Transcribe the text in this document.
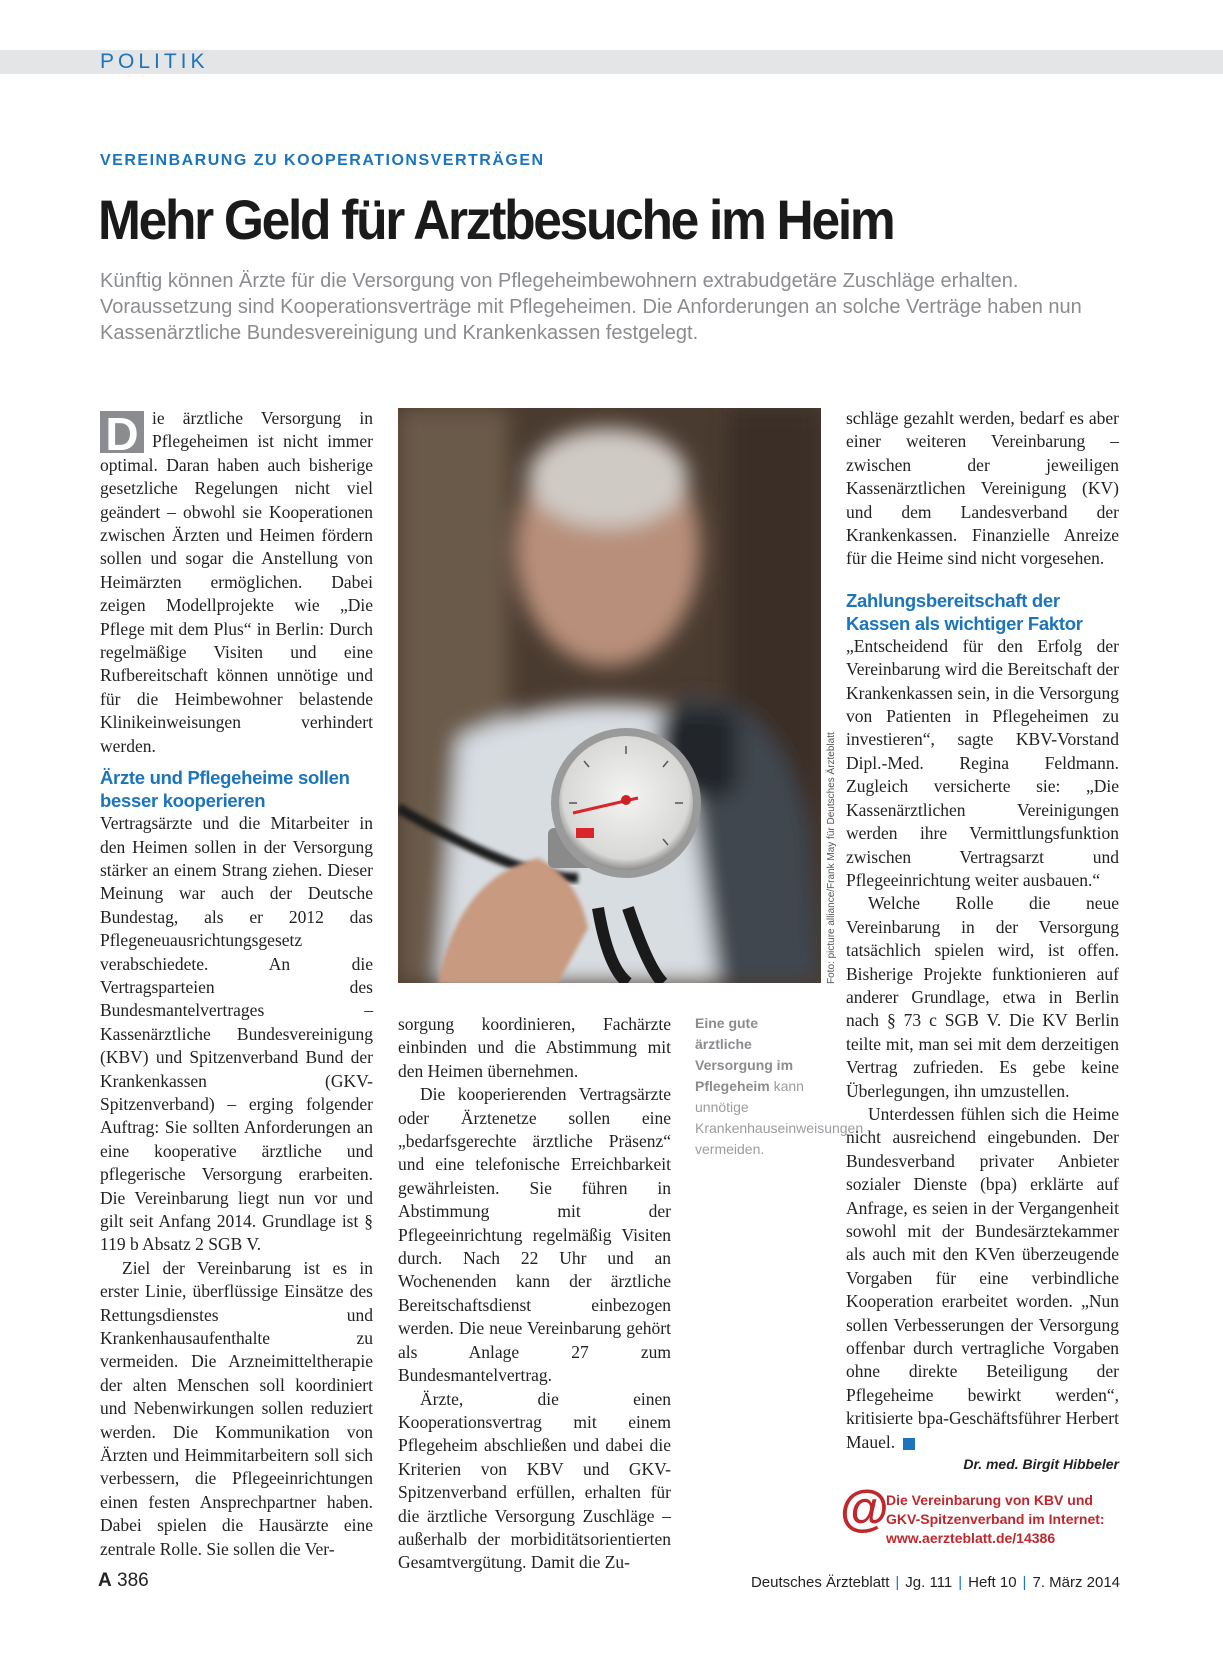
POLITIK
VEREINBARUNG ZU KOOPERATIONSVERTRÄGEN
Mehr Geld für Arztbesuche im Heim
Künftig können Ärzte für die Versorgung von Pflegeheimbewohnern extrabudgetäre Zuschläge erhalten. Voraussetzung sind Kooperationsverträge mit Pflegeheimen. Die Anforderungen an solche Verträge haben nun Kassenärztliche Bundesvereinigung und Krankenkassen festgelegt.

D ie ärztliche Versorgung in Pflegeheimen ist nicht immer optimal. Daran haben auch bisherige gesetzliche Regelungen nicht viel geändert – obwohl sie Kooperationen zwischen Ärzten und Heimen fördern sollen und sogar die Anstellung von Heimärzten ermöglichen. Dabei zeigen Modellprojekte wie „Die Pflege mit dem Plus“ in Berlin: Durch regelmäßige Visiten und eine Rufbereitschaft können unnötige und für die Heimbewohner belastende Klinikeinweisungen verhindert werden.

Ärzte und Pflegeheime sollen besser kooperieren

Vertragsärzte und die Mitarbeiter in den Heimen sollen in der Versorgung stärker an einem Strang ziehen. Dieser Meinung war auch der Deutsche Bundestag, als er 2012 das Pflegeneuausrichtungsgesetz verabschiedete. An die Vertragsparteien des Bundesmantelvertrages – Kassenärztliche Bundesvereinigung (KBV) und Spitzenverband Bund der Krankenkassen (GKV-Spitzenverband) – erging folgender Auftrag: Sie sollten Anforderungen an eine kooperative ärztliche und pflegerische Versorgung erarbeiten. Die Vereinbarung liegt nun vor und gilt seit Anfang 2014. Grundlage ist § 119 b Absatz 2 SGB V.

Ziel der Vereinbarung ist es in erster Linie, überflüssige Einsätze des Rettungsdienstes und Krankenhausaufenthalte zu vermeiden. Die Arzneimitteltherapie der alten Menschen soll koordiniert und Nebenwirkungen sollen reduziert werden. Die Kommunikation von Ärzten und Heimmitarbeitern soll sich verbessern, die Pflegeeinrichtungen einen festen Ansprechpartner haben. Dabei spielen die Hausärzte eine zentrale Rolle. Sie sollen die Ver-

Foto: picture alliance/Frank May für Deutsches Ärzteblatt
Eine gute ärztliche Versorgung im Pflegeheim kann unnötige Krankenhauseinweisungen vermeiden.

sorgung koordinieren, Fachärzte einbinden und die Abstimmung mit den Heimen übernehmen.

Die kooperierenden Vertragsärzte oder Ärztenetze sollen eine „bedarfsgerechte ärztliche Präsenz“ und eine telefonische Erreichbarkeit gewährleisten. Sie führen in Abstimmung mit der Pflegeeinrichtung regelmäßig Visiten durch. Nach 22 Uhr und an Wochenenden kann der ärztliche Bereitschaftsdienst einbezogen werden. Die neue Vereinbarung gehört als Anlage 27 zum Bundesmantelvertrag.

Ärzte, die einen Kooperationsvertrag mit einem Pflegeheim abschließen und dabei die Kriterien von KBV und GKV-Spitzenverband erfüllen, erhalten für die ärztliche Versorgung Zuschläge – außerhalb der morbiditätsorientierten Gesamtvergütung. Damit die Zu-

schläge gezahlt werden, bedarf es aber einer weiteren Vereinbarung – zwischen der jeweiligen Kassenärztlichen Vereinigung (KV) und dem Landesverband der Krankenkassen. Finanzielle Anreize für die Heime sind nicht vorgesehen.

Zahlungsbereitschaft der Kassen als wichtiger Faktor

„Entscheidend für den Erfolg der Vereinbarung wird die Bereitschaft der Krankenkassen sein, in die Versorgung von Patienten in Pflegeheimen zu investieren“, sagte KBV-Vorstand Dipl.-Med. Regina Feldmann. Zugleich versicherte sie: „Die Kassenärztlichen Vereinigungen werden ihre Vermittlungsfunktion zwischen Vertragsarzt und Pflegeeinrichtung weiter ausbauen.“

Welche Rolle die neue Vereinbarung in der Versorgung tatsächlich spielen wird, ist offen. Bisherige Projekte funktionieren auf anderer Grundlage, etwa in Berlin nach § 73 c SGB V. Die KV Berlin teilte mit, man sei mit dem derzeitigen Vertrag zufrieden. Es gebe keine Überlegungen, ihn umzustellen.

Unterdessen fühlen sich die Heime nicht ausreichend eingebunden. Der Bundesverband privater Anbieter sozialer Dienste (bpa) erklärte auf Anfrage, es seien in der Vergangenheit sowohl mit der Bundesärztekammer als auch mit den KVen überzeugende Vorgaben für eine verbindliche Kooperation erarbeitet worden. „Nun sollen Verbesserungen der Versorgung offenbar durch vertragliche Vorgaben ohne direkte Beteiligung der Pflegeheime bewirkt werden“, kritisierte bpa-Geschäftsführer Herbert Mauel.

Dr. med. Birgit Hibbeler
@
Die Vereinbarung von KBV und
GKV-Spitzenverband im Internet:
www.aerzteblatt.de/14386
A 386	Deutsches Ärzteblatt | Jg. 111 | Heft 10 | 7. März 2014
